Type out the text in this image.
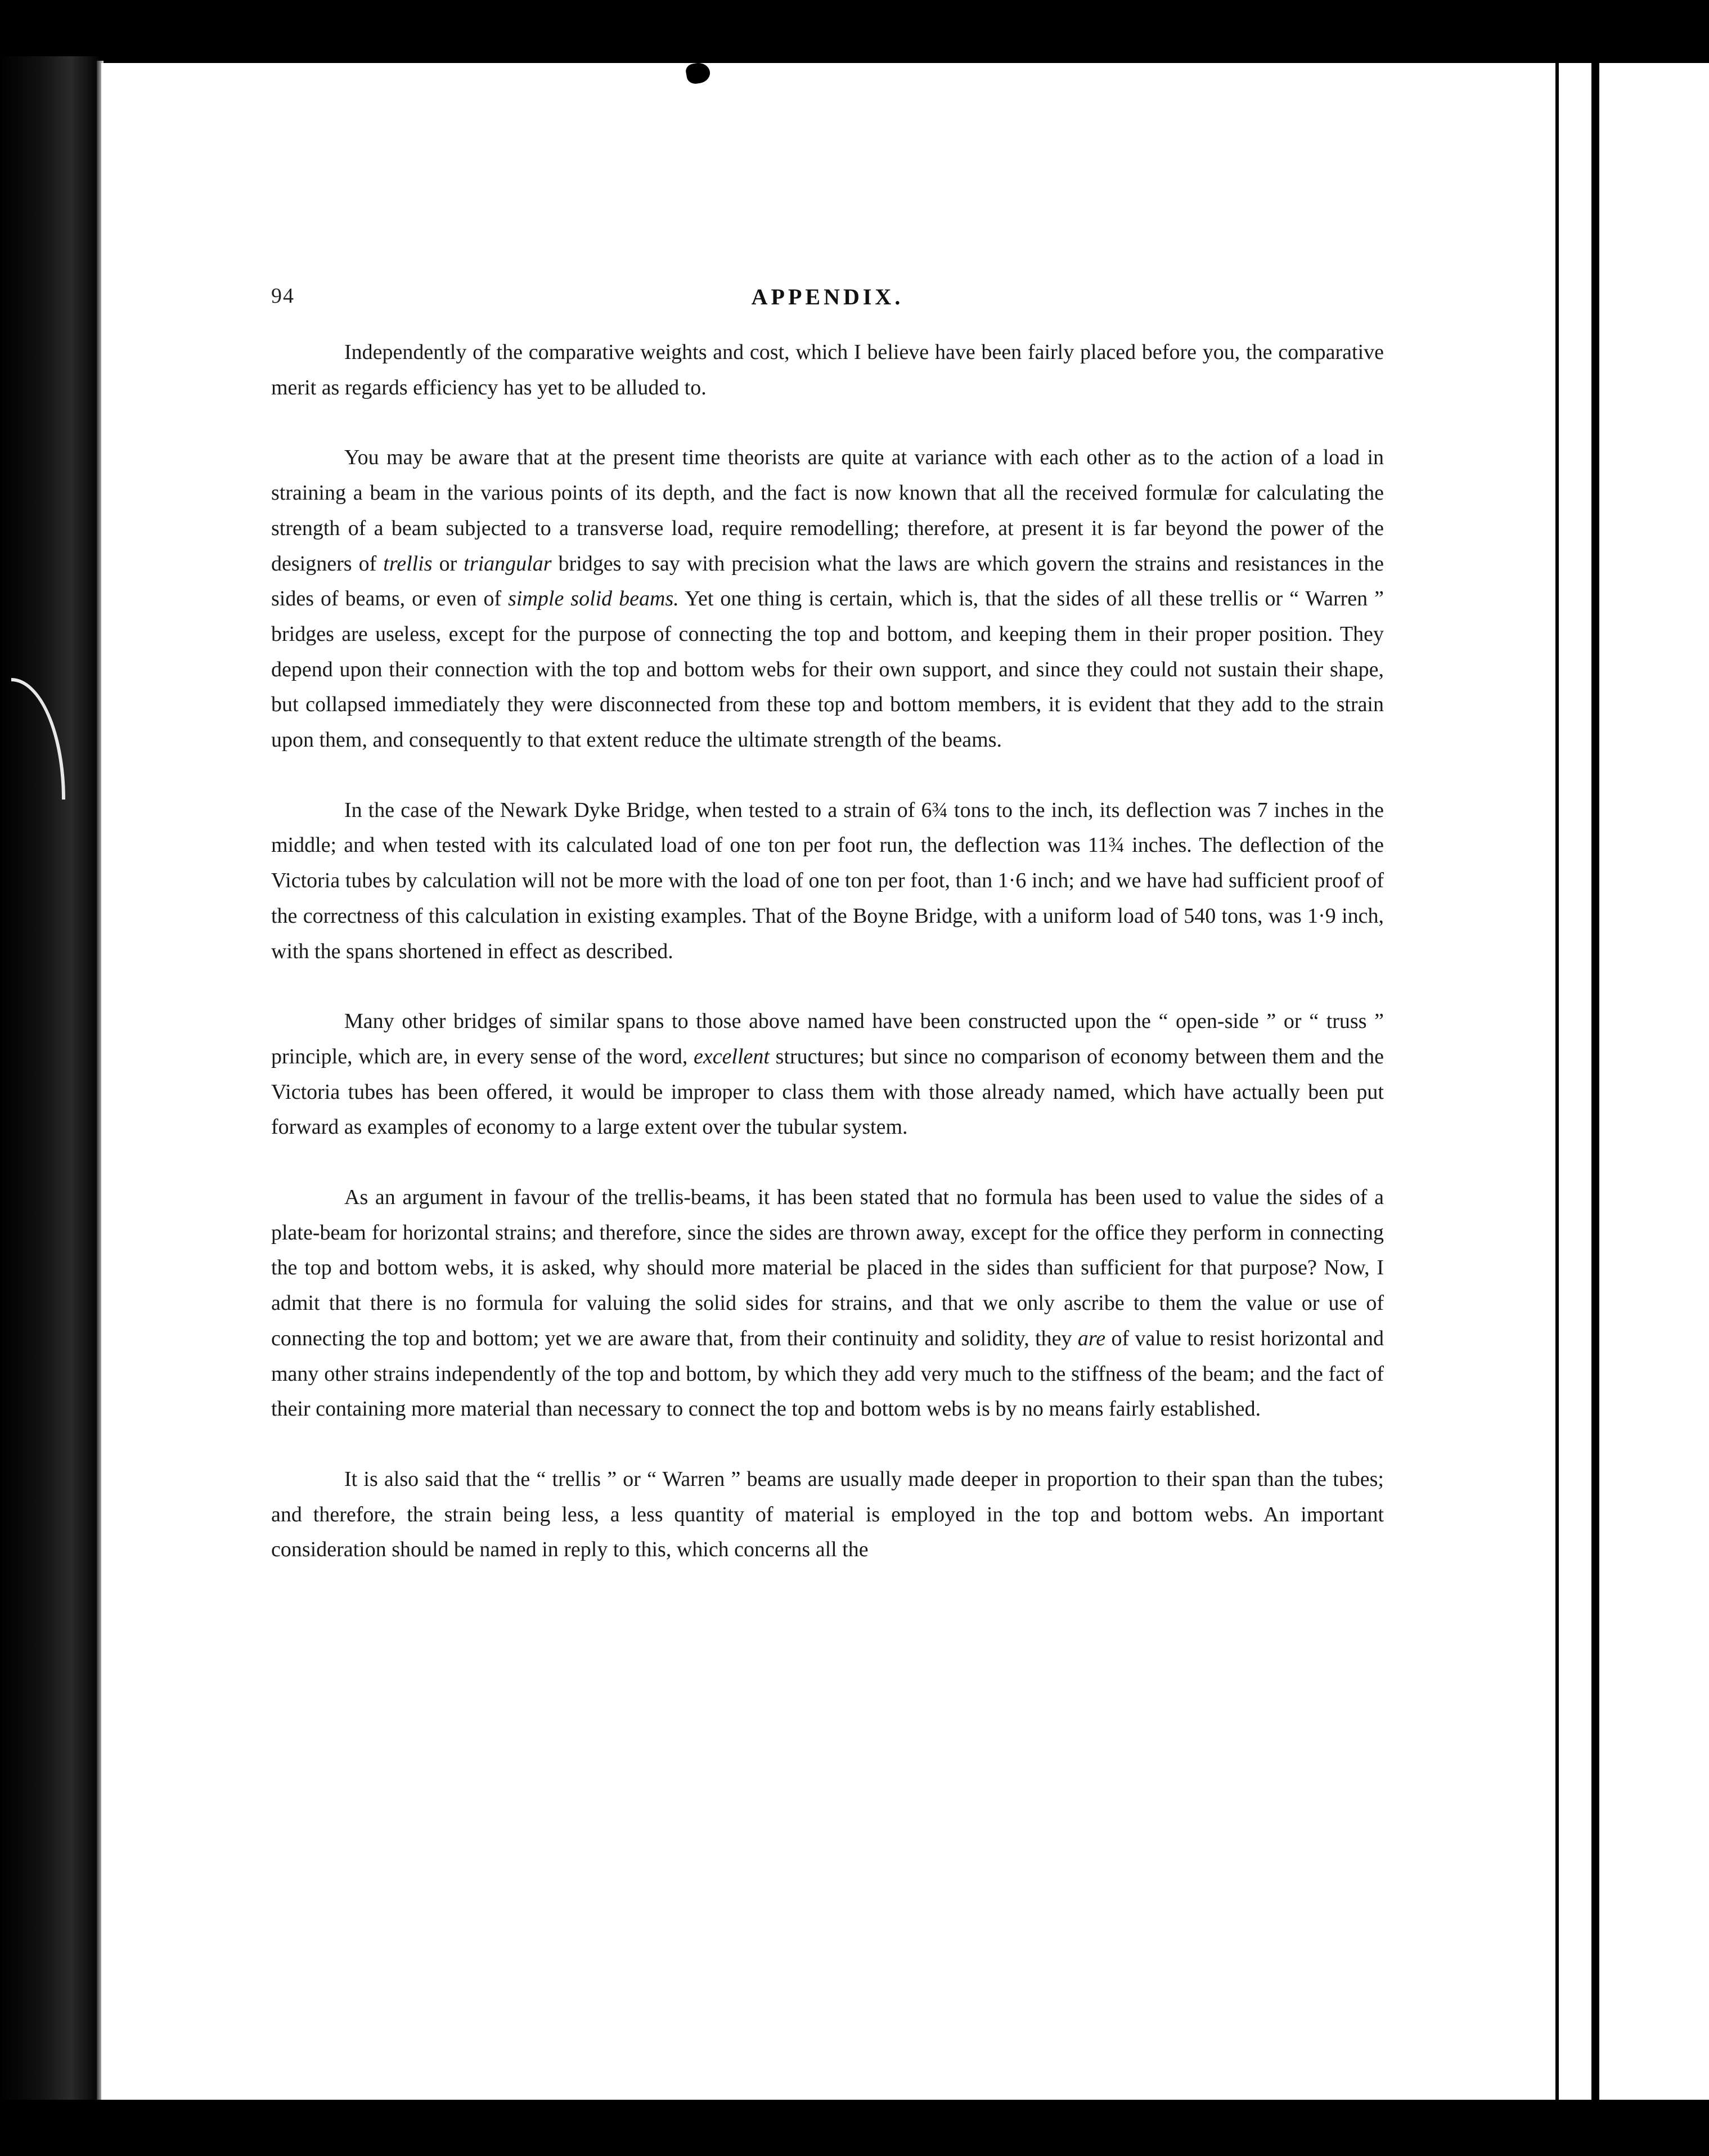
94	APPENDIX.

Independently of the comparative weights and cost, which I believe have been fairly placed before you, the comparative merit as regards efficiency has yet to be alluded to.

You may be aware that at the present time theorists are quite at variance with each other as to the action of a load in straining a beam in the various points of its depth, and the fact is now known that all the received formulæ for calculating the strength of a beam subjected to a transverse load, require remodelling; therefore, at present it is far beyond the power of the designers of trellis or triangular bridges to say with precision what the laws are which govern the strains and resistances in the sides of beams, or even of simple solid beams. Yet one thing is certain, which is, that the sides of all these trellis or “ Warren ” bridges are useless, except for the purpose of connecting the top and bottom, and keeping them in their proper position. They depend upon their connection with the top and bottom webs for their own support, and since they could not sustain their shape, but collapsed immediately they were disconnected from these top and bottom members, it is evident that they add to the strain upon them, and consequently to that extent reduce the ultimate strength of the beams.

In the case of the Newark Dyke Bridge, when tested to a strain of 6¾ tons to the inch, its deflection was 7 inches in the middle; and when tested with its calculated load of one ton per foot run, the deflection was 11¾ inches. The deflection of the Victoria tubes by calculation will not be more with the load of one ton per foot, than 1·6 inch; and we have had sufficient proof of the correctness of this calculation in existing examples. That of the Boyne Bridge, with a uniform load of 540 tons, was 1·9 inch, with the spans shortened in effect as described.

Many other bridges of similar spans to those above named have been constructed upon the “ open-side ” or “ truss ” principle, which are, in every sense of the word, excellent structures; but since no comparison of economy between them and the Victoria tubes has been offered, it would be improper to class them with those already named, which have actually been put forward as examples of economy to a large extent over the tubular system.

As an argument in favour of the trellis-beams, it has been stated that no formula has been used to value the sides of a plate-beam for horizontal strains; and therefore, since the sides are thrown away, except for the office they perform in connecting the top and bottom webs, it is asked, why should more material be placed in the sides than sufficient for that purpose? Now, I admit that there is no formula for valuing the solid sides for strains, and that we only ascribe to them the value or use of connecting the top and bottom; yet we are aware that, from their continuity and solidity, they are of value to resist horizontal and many other strains independently of the top and bottom, by which they add very much to the stiffness of the beam; and the fact of their containing more material than necessary to connect the top and bottom webs is by no means fairly established.

It is also said that the “ trellis ” or “ Warren ” beams are usually made deeper in proportion to their span than the tubes; and therefore, the strain being less, a less quantity of material is employed in the top and bottom webs. An important consideration should be named in reply to this, which concerns all the
